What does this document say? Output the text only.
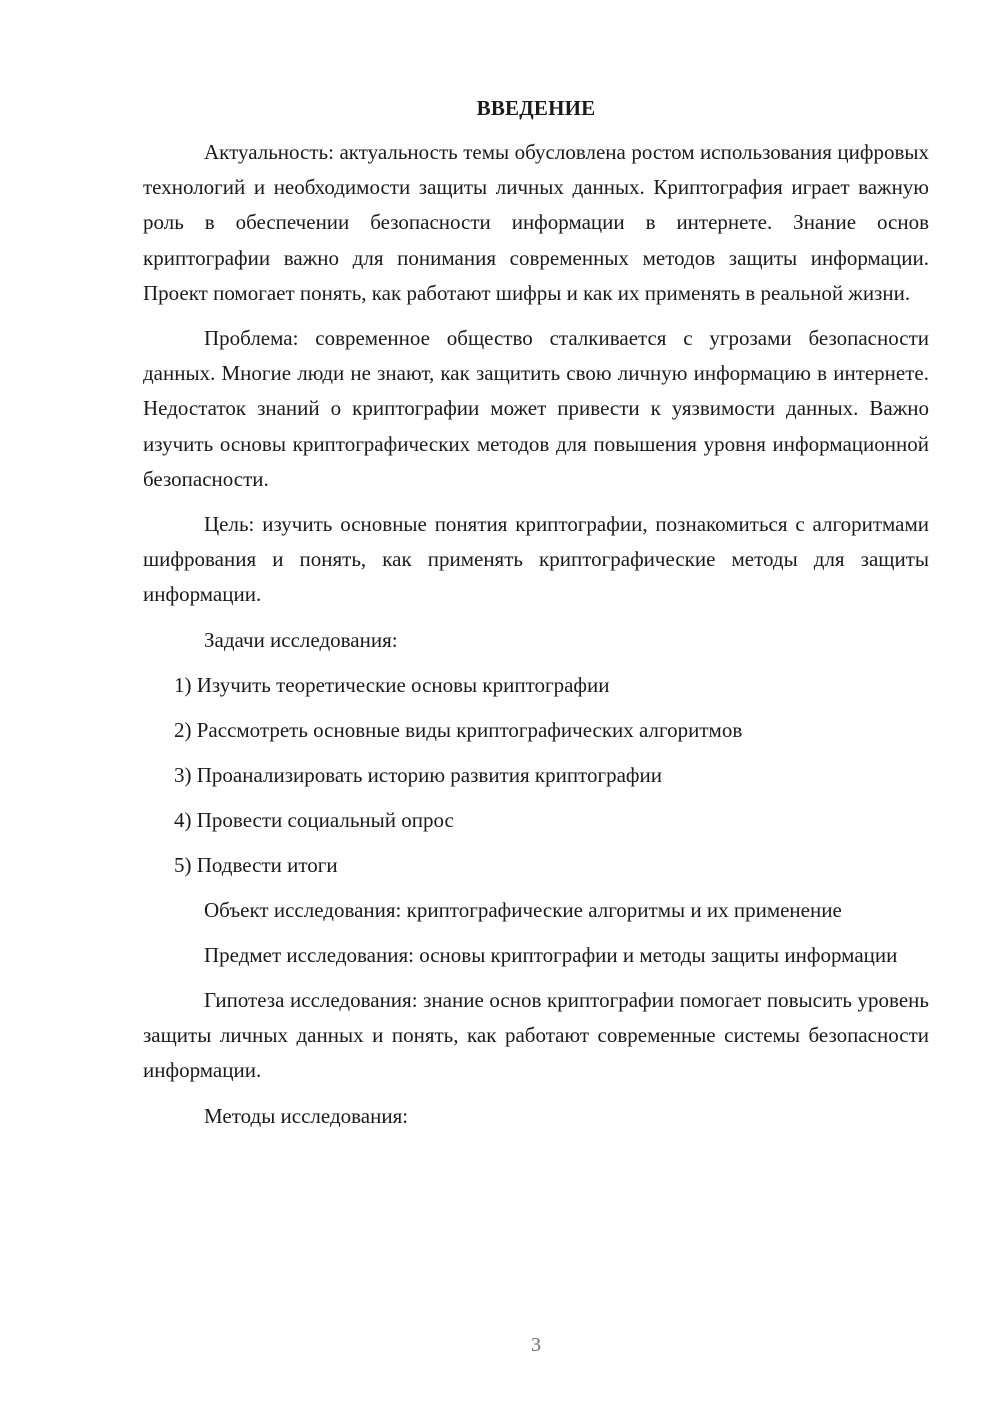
ВВЕДЕНИЕ

Актуальность: актуальность темы обусловлена ростом использования цифровых технологий и необходимости защиты личных данных. Криптография играет важную роль в обеспечении безопасности информации в интернете. Знание основ криптографии важно для понимания современных методов защиты информации. Проект помогает понять, как работают шифры и как их применять в реальной жизни.

Проблема: современное общество сталкивается с угрозами безопасности данных. Многие люди не знают, как защитить свою личную информацию в интернете. Недостаток знаний о криптографии может привести к уязвимости данных. Важно изучить основы криптографических методов для повышения уровня информационной безопасности.

Цель: изучить основные понятия криптографии, познакомиться с алгоритмами шифрования и понять, как применять криптографические методы для защиты информации.

Задачи исследования:

1) Изучить теоретические основы криптографии
2) Рассмотреть основные виды криптографических алгоритмов
3) Проанализировать историю развития криптографии
4) Провести социальный опрос
5) Подвести итоги

Объект исследования: криптографические алгоритмы и их применение

Предмет исследования: основы криптографии и методы защиты информации

Гипотеза исследования: знание основ криптографии помогает повысить уровень защиты личных данных и понять, как работают современные системы безопасности информации.

Методы исследования:

3
